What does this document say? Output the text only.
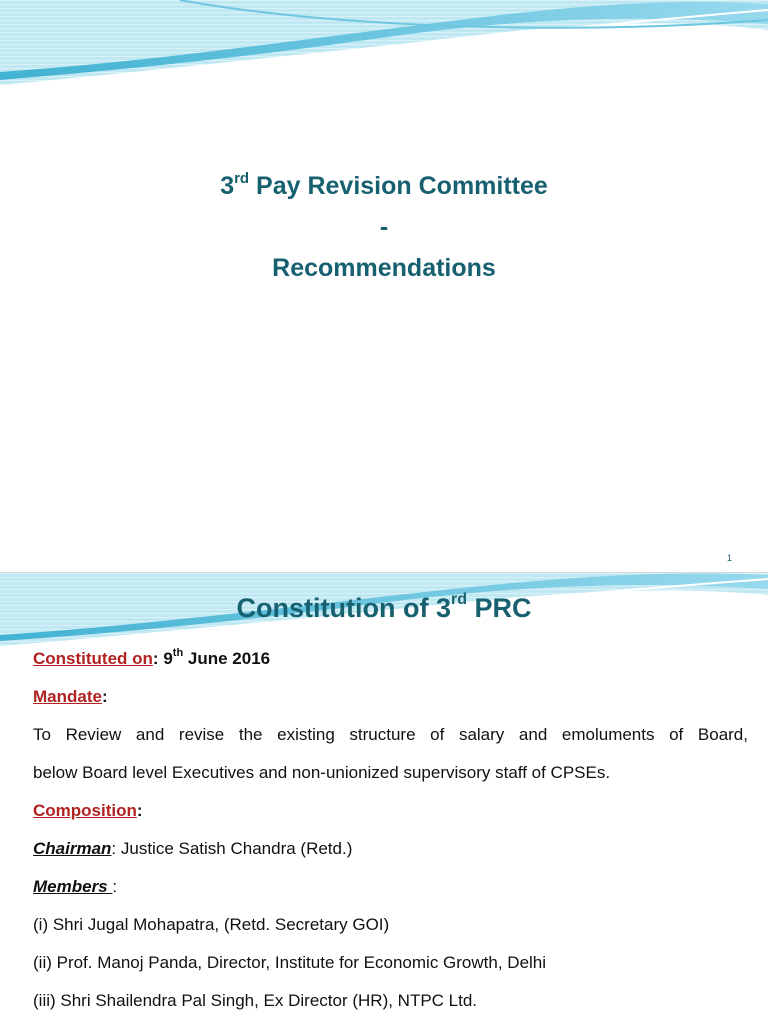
3rd Pay Revision Committee
-
Recommendations
1
Constitution of 3rd PRC
Constituted on: 9th June 2016
Mandate:
To Review and revise the existing structure of salary and emoluments of Board,
below Board level Executives and non-unionized supervisory staff of CPSEs.
Composition:
Chairman: Justice Satish Chandra (Retd.)
Members :
(i) Shri Jugal Mohapatra, (Retd. Secretary GOI)
(ii) Prof. Manoj Panda, Director, Institute for Economic Growth, Delhi
(iii) Shri Shailendra Pal Singh, Ex Director (HR), NTPC Ltd.
